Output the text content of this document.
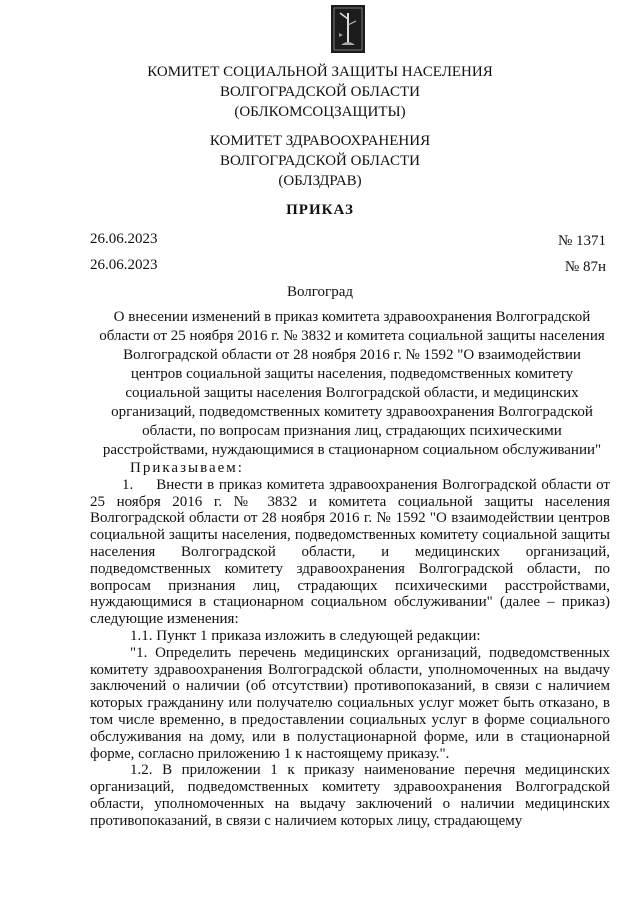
КОМИТЕТ СОЦИАЛЬНОЙ ЗАЩИТЫ НАСЕЛЕНИЯ
ВОЛГОГРАДСКОЙ ОБЛАСТИ
(ОБЛКОМСОЦЗАЩИТЫ)
КОМИТЕТ ЗДРАВООХРАНЕНИЯ
ВОЛГОГРАДСКОЙ ОБЛАСТИ
(ОБЛЗДРАВ)
ПРИКАЗ
26.06.2023	№ 1371
26.06.2023	№ 87н
Волгоград
О внесении изменений в приказ комитета здравоохранения Волгоградской
области от 25 ноября 2016 г. № 3832 и комитета социальной защиты населения
Волгоградской области от 28 ноября 2016 г. № 1592 "О взаимодействии
центров социальной защиты населения, подведомственных комитету
социальной защиты населения Волгоградской области, и медицинских
организаций, подведомственных комитету здравоохранения Волгоградской
области, по вопросам признания лиц, страдающих психическими
расстройствами, нуждающимися в стационарном социальном обслуживании"

Приказываем:

1.     Внести в приказ комитета здравоохранения Волгоградской области от 25 ноября 2016 г. № 3832 и комитета социальной защиты населения Волгоградской области от 28 ноября 2016 г. № 1592 "О взаимодействии центров социальной защиты населения, подведомственных комитету социальной защиты населения Волгоградской области, и медицинских организаций, подведомственных комитету здравоохранения Волгоградской области, по вопросам признания лиц, страдающих психическими расстройствами, нуждающимися в стационарном социальном обслуживании" (далее – приказ) следующие изменения:

1.1. Пункт 1 приказа изложить в следующей редакции:

"1. Определить перечень медицинских организаций, подведомственных комитету здравоохранения Волгоградской области, уполномоченных на выдачу заключений о наличии (об отсутствии) противопоказаний, в связи с наличием которых гражданину или получателю социальных услуг может быть отказано, в том числе временно, в предоставлении социальных услуг в форме социального обслуживания на дому, или в полустационарной форме, или в стационарной форме, согласно приложению 1 к настоящему приказу.".

1.2. В приложении 1 к приказу наименование перечня медицинских организаций, подведомственных комитету здравоохранения Волгоградской области, уполномоченных на выдачу заключений о наличии медицинских противопоказаний, в связи с наличием которых лицу, страдающему
